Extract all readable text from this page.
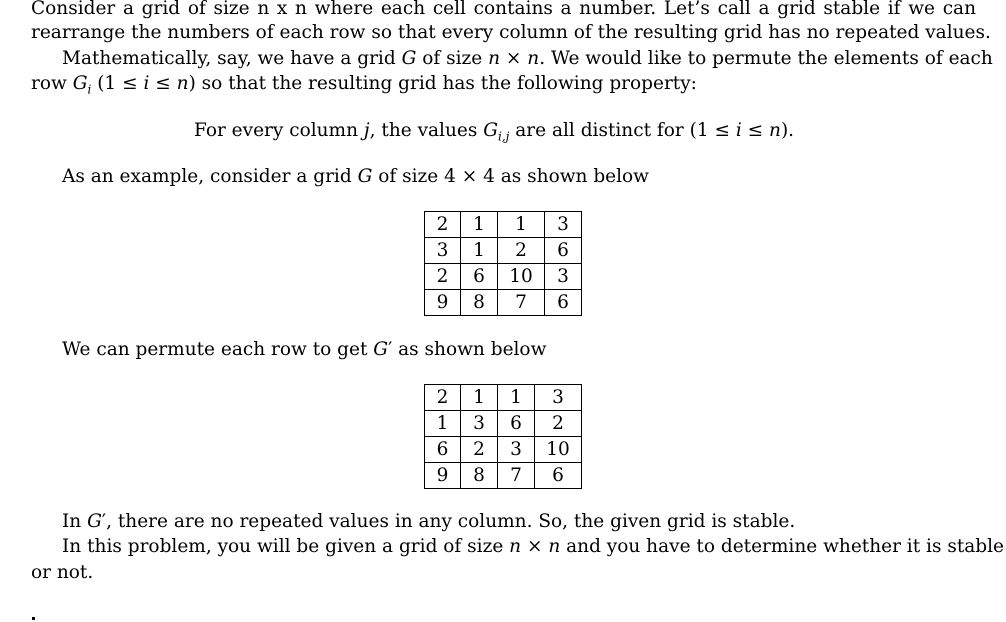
Consider a grid of size n x n where each cell contains a number. Let’s call a grid stable if we can
rearrange the numbers of each row so that every column of the resulting grid has no repeated values.
Mathematically, say, we have a grid G of size n × n. We would like to permute the elements of each
row $G_i$ (1 ≤ i ≤ n) so that the resulting grid has the following property:
For every column j, the values $G_{i,j}$ are all distinct for (1 ≤ i ≤ n).
As an example, consider a grid G of size 4 × 4 as shown below
2	1	1	3
3	1	2	6
2	6	10	3
9	8	7	6
We can permute each row to get G′ as shown below
2	1	1	3
1	3	6	2
6	2	3	10
9	8	7	6
In G′, there are no repeated values in any column. So, the given grid is stable.
In this problem, you will be given a grid of size n × n and you have to determine whether it is stable
or not.
